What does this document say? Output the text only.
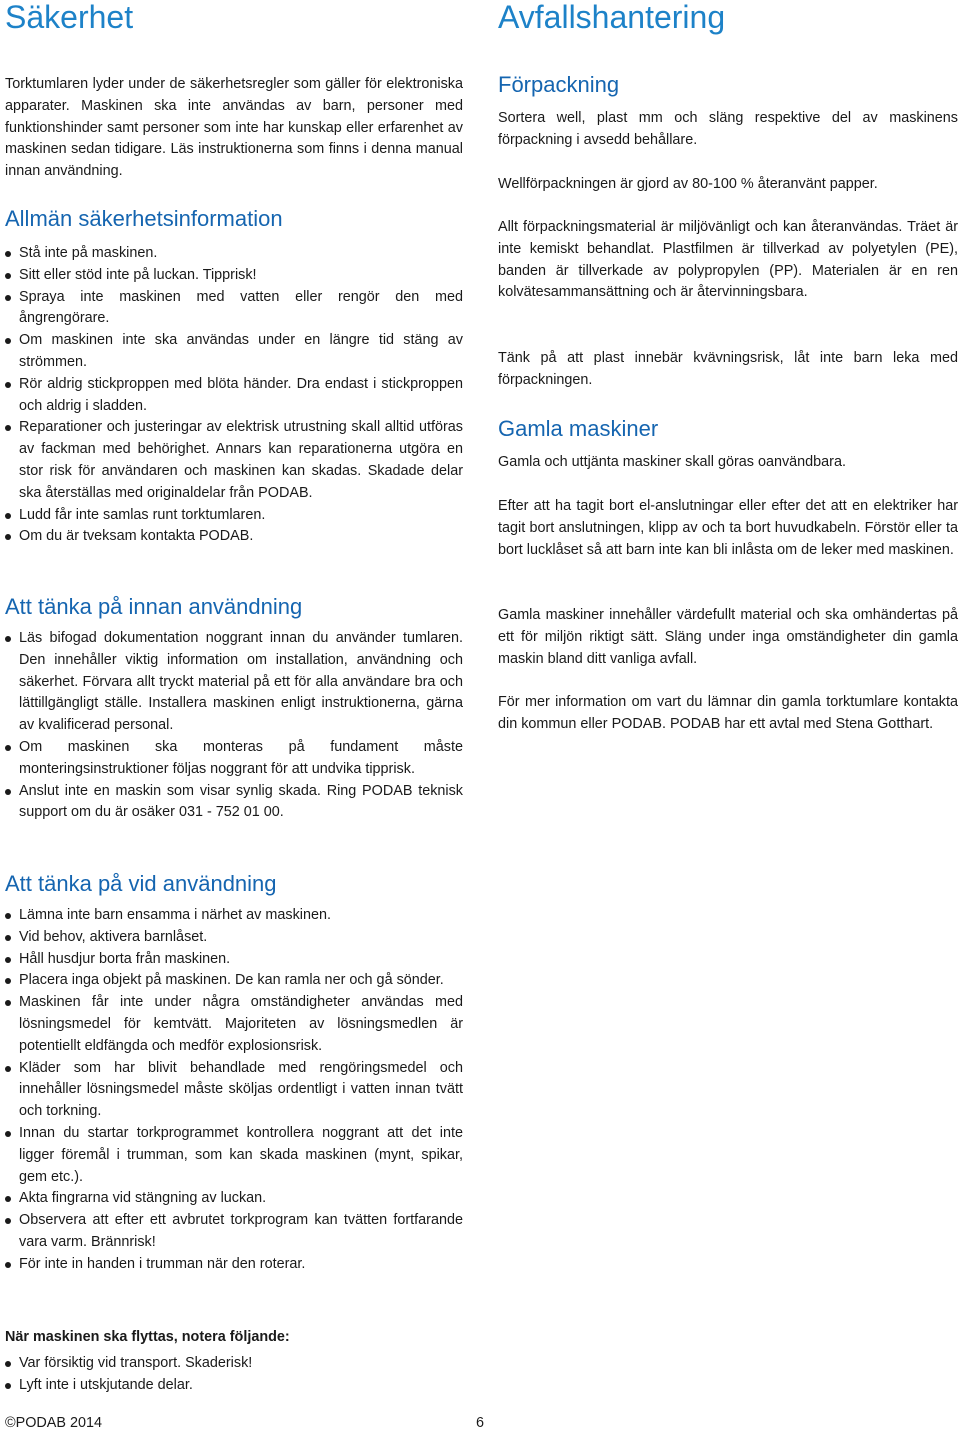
Säkerhet

Torktumlaren lyder under de säkerhetsregler som gäller för elektroniska apparater. Maskinen ska inte användas av barn, personer med funktionshinder samt personer som inte har kunskap eller erfarenhet av maskinen sedan tidigare. Läs instruktionerna som finns i denna manual innan användning.

Allmän säkerhetsinformation
Stå inte på maskinen.
Sitt eller stöd inte på luckan. Tipprisk!
Spraya inte maskinen med vatten eller rengör den med ångrengörare.
Om maskinen inte ska användas under en längre tid stäng av strömmen.
Rör aldrig stickproppen med blöta händer. Dra endast i stickproppen och aldrig i sladden.
Reparationer och justeringar av elektrisk utrustning skall alltid utföras av fackman med behörighet. Annars kan reparationerna utgöra en stor risk för användaren och maskinen kan skadas. Skadade delar ska återställas med originaldelar från PODAB.
Ludd får inte samlas runt torktumlaren.
Om du är tveksam kontakta PODAB.
Att tänka på innan användning
Läs bifogad dokumentation noggrant innan du använder tumlaren. Den innehåller viktig information om installation, användning och säkerhet. Förvara allt tryckt material på ett för alla användare bra och lättillgängligt ställe. Installera maskinen enligt instruktionerna, gärna av kvalificerad personal.
Om maskinen ska monteras på fundament måste monteringsinstruktioner följas noggrant för att undvika tipprisk.
Anslut inte en maskin som visar synlig skada. Ring PODAB teknisk support om du är osäker 031 - 752 01 00.
Att tänka på vid användning
Lämna inte barn ensamma i närhet av maskinen.
Vid behov, aktivera barnlåset.
Håll husdjur borta från maskinen.
Placera inga objekt på maskinen. De kan ramla ner och gå sönder.
Maskinen får inte under några omständigheter användas med lösningsmedel för kemtvätt. Majoriteten av lösningsmedlen är potentiellt eldfängda och medför explosionsrisk.
Kläder som har blivit behandlade med rengöringsmedel och innehåller lösningsmedel måste sköljas ordentligt i vatten innan tvätt och torkning.
Innan du startar torkprogrammet kontrollera noggrant att det inte ligger föremål i trumman, som kan skada maskinen (mynt, spikar, gem etc.).
Akta fingrarna vid stängning av luckan.
Observera att efter ett avbrutet torkprogram kan tvätten fortfarande vara varm. Brännrisk!
För inte in handen i trumman när den roterar.

När maskinen ska flyttas, notera följande:

Var försiktig vid transport. Skaderisk!
Lyft inte i utskjutande delar.
Avfallshantering
Förpackning

Sortera well, plast mm och släng respektive del av maskinens förpackning i avsedd behållare.

Wellförpackningen är gjord av 80-100 % återanvänt papper.

Allt förpackningsmaterial är miljövänligt och kan återanvändas. Träet är inte kemiskt behandlat. Plastfilmen är tillverkad av polyetylen (PE), banden är tillverkade av polypropylen (PP). Materialen är en ren kolvätesammansättning och är återvinningsbara.

Tänk på att plast innebär kvävningsrisk, låt inte barn leka med förpackningen.

Gamla maskiner

Gamla och uttjänta maskiner skall göras oanvändbara.

Efter att ha tagit bort el-anslutningar eller efter det att en elektriker har tagit bort anslutningen, klipp av och ta bort huvudkabeln. Förstör eller ta bort lucklåset så att barn inte kan bli inlåsta om de leker med maskinen.

Gamla maskiner innehåller värdefullt material och ska omhändertas på ett för miljön riktigt sätt. Släng under inga omständigheter din gamla maskin bland ditt vanliga avfall.

För mer information om vart du lämnar din gamla torktumlare kontakta din kommun eller PODAB. PODAB har ett avtal med Stena Gotthart.

©PODAB 2014	6
